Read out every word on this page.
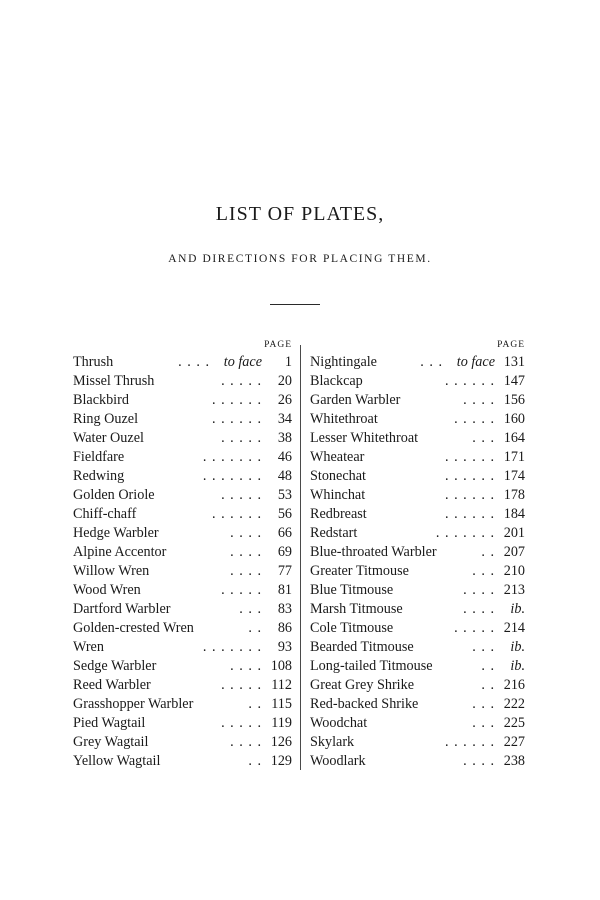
LIST OF PLATES,
AND DIRECTIONS FOR PLACING THEM.
PAGE
Thrush	. . . . to face	1
Missel Thrush	. . . . .	20
Blackbird	. . . . . .	26
Ring Ouzel	. . . . . .	34
Water Ouzel	. . . . .	38
Fieldfare	. . . . . . .	46
Redwing	. . . . . . .	48
Golden Oriole	. . . . .	53
Chiff-chaff	. . . . . .	56
Hedge Warbler	. . . .	66
Alpine Accentor	. . . .	69
Willow Wren	. . . .	77
Wood Wren	. . . . .	81
Dartford Warbler	. . .	83
Golden-crested Wren	. .	86
Wren	. . . . . . .	93
Sedge Warbler	. . . . 108
Reed Warbler	. . . . . 112
Grasshopper Warbler	. . 115
Pied Wagtail	. . . . . 119
Grey Wagtail	. . . . 126
Yellow Wagtail	. . 129
PAGE
Nightingale	. . . to face 131
Blackcap	. . . . . . 147
Garden Warbler	. . . . 156
Whitethroat	. . . . . 160
Lesser Whitethroat	. . . 164
Wheatear	. . . . . . 171
Stonechat	. . . . . . 174
Whinchat	. . . . . . 178
Redbreast	. . . . . . 184
Redstart	. . . . . . . 201
Blue-throated Warbler	. . 207
Greater Titmouse	. . . 210
Blue Titmouse	. . . . 213
Marsh Titmouse	. . . .	ib.
Cole Titmouse	. . . . . 214
Bearded Titmouse	. . .	ib.
Long-tailed Titmouse	. .	ib.
Great Grey Shrike	. . 216
Red-backed Shrike	. . . 222
Woodchat	. . . 225
Skylark	. . . . . . 227
Woodlark	. . . . 238
